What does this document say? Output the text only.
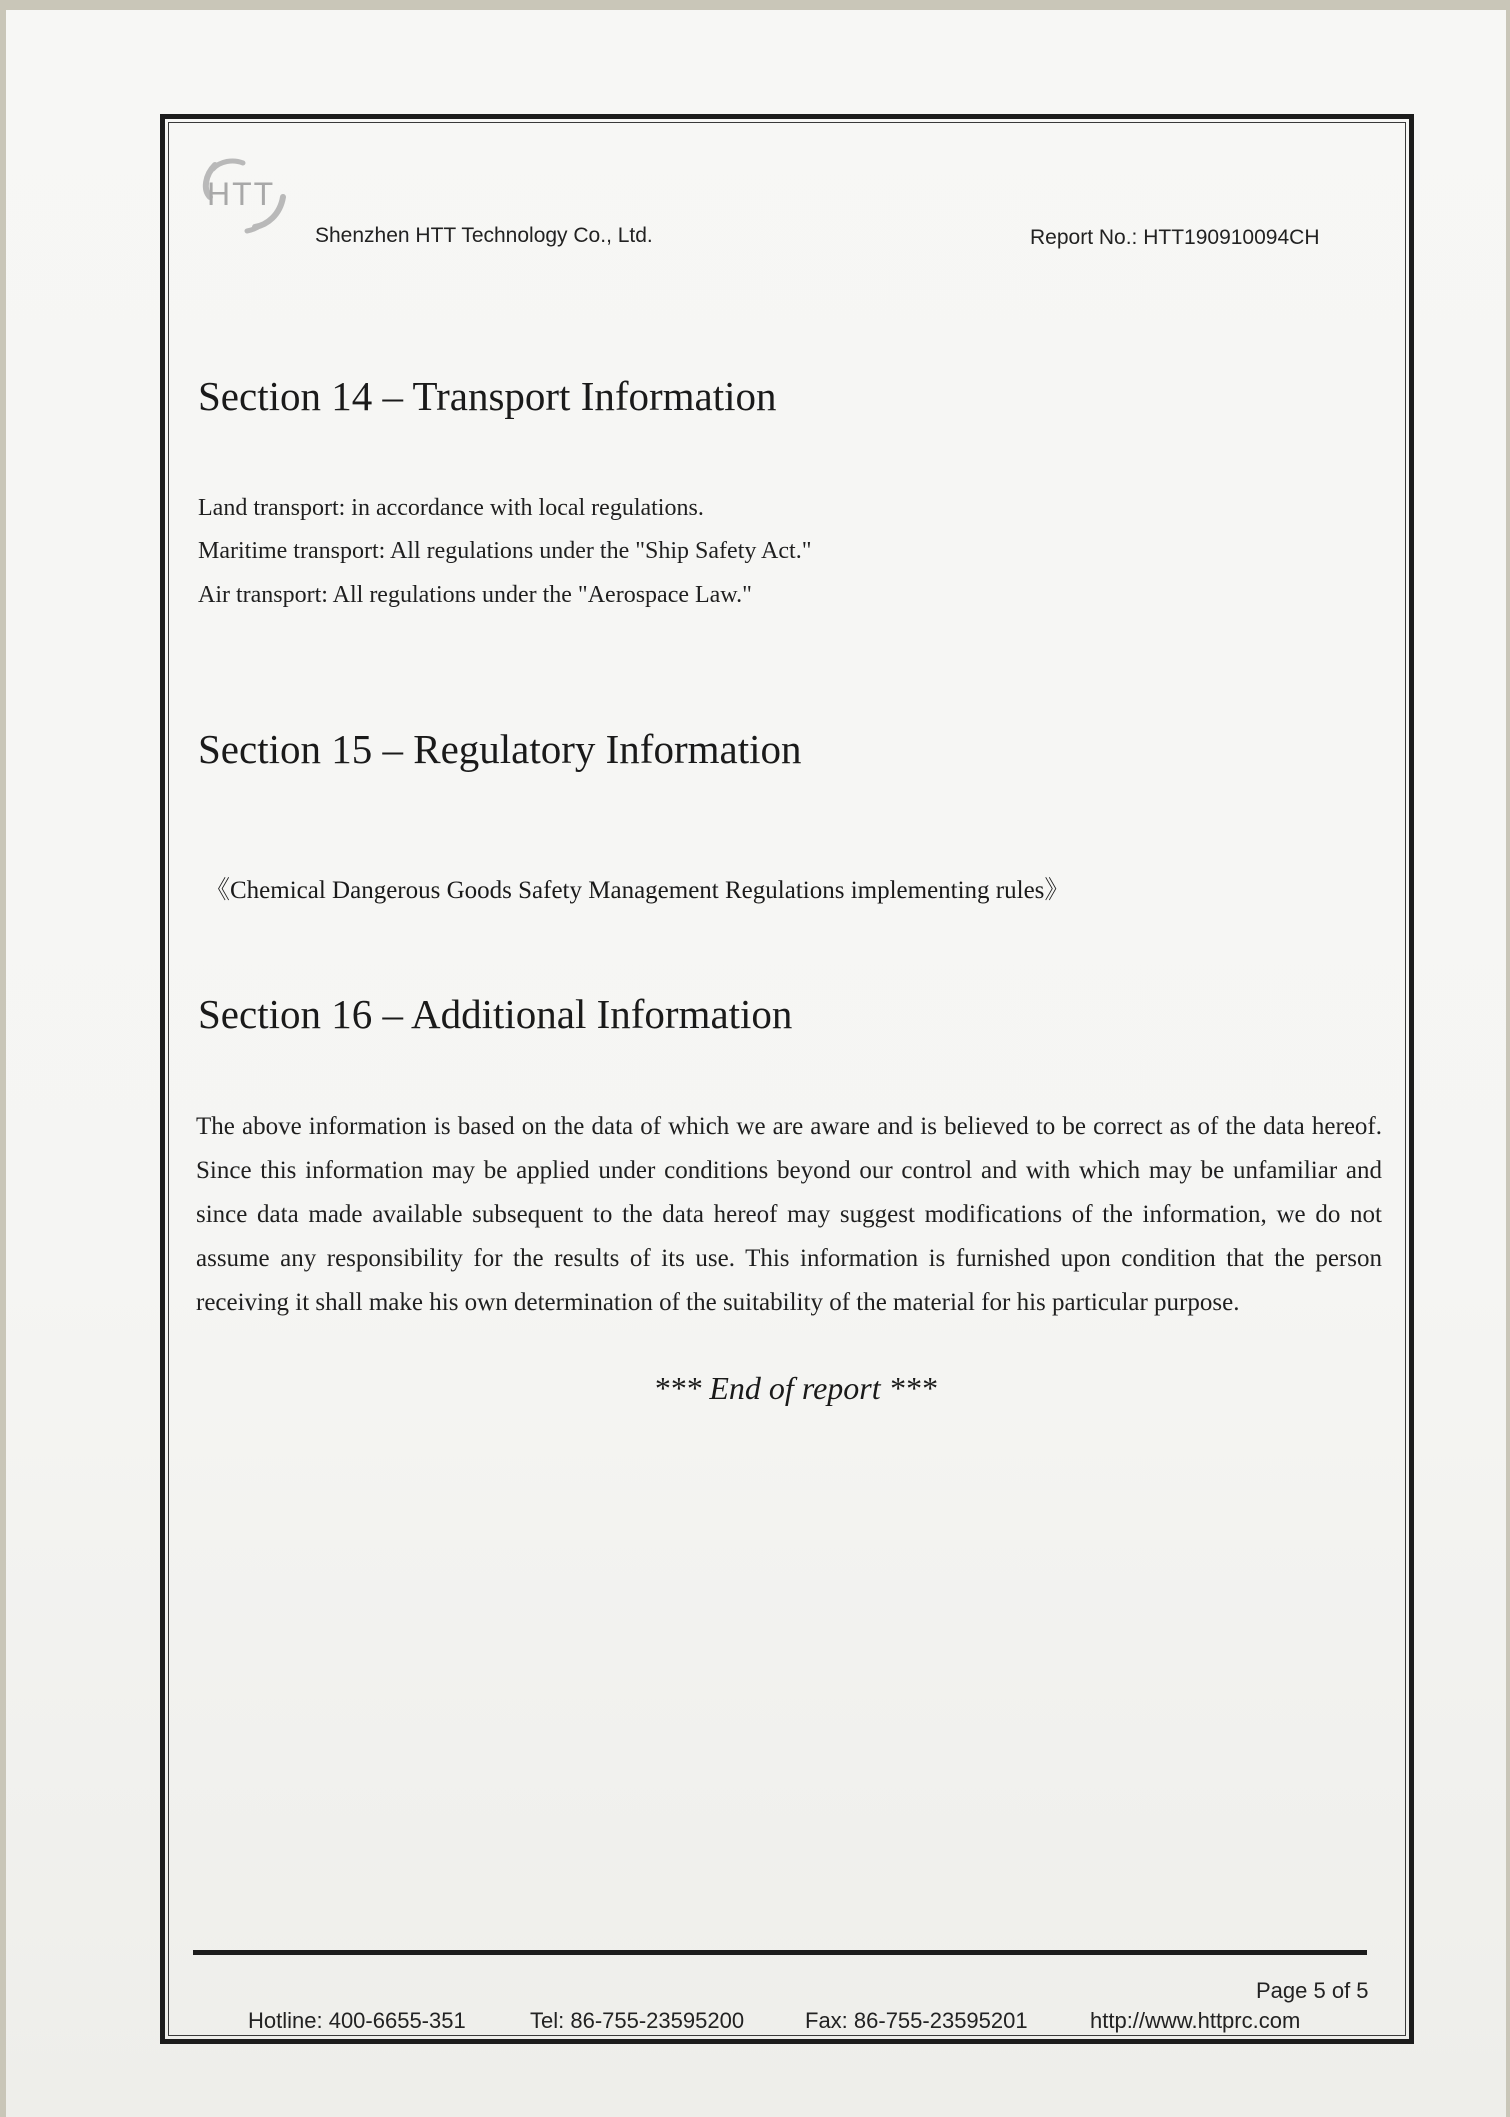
HTT
Shenzhen HTT Technology Co., Ltd.	Report No.: HTT190910094CH
Section 14 – Transport Information
Land transport: in accordance with local regulations.
Maritime transport: All regulations under the "Ship Safety Act."
Air transport: All regulations under the "Aerospace Law."
Section 15 – Regulatory Information
《Chemical Dangerous Goods Safety Management Regulations implementing rules》
Section 16 – Additional Information
The above information is based on the data of which we are aware and is believed to be correct as of the data hereof. Since this information may be applied under conditions beyond our control and with which may be unfamiliar and since data made available subsequent to the data hereof may suggest modifications of the information, we do not assume any responsibility for the results of its use. This information is furnished upon condition that the person receiving it shall make his own determination of the suitability of the material for his particular purpose.
*** End of report ***
Page 5 of 5
Hotline: 400-6655-351	Tel: 86-755-23595200	Fax: 86-755-23595201	http://www.httprc.com
